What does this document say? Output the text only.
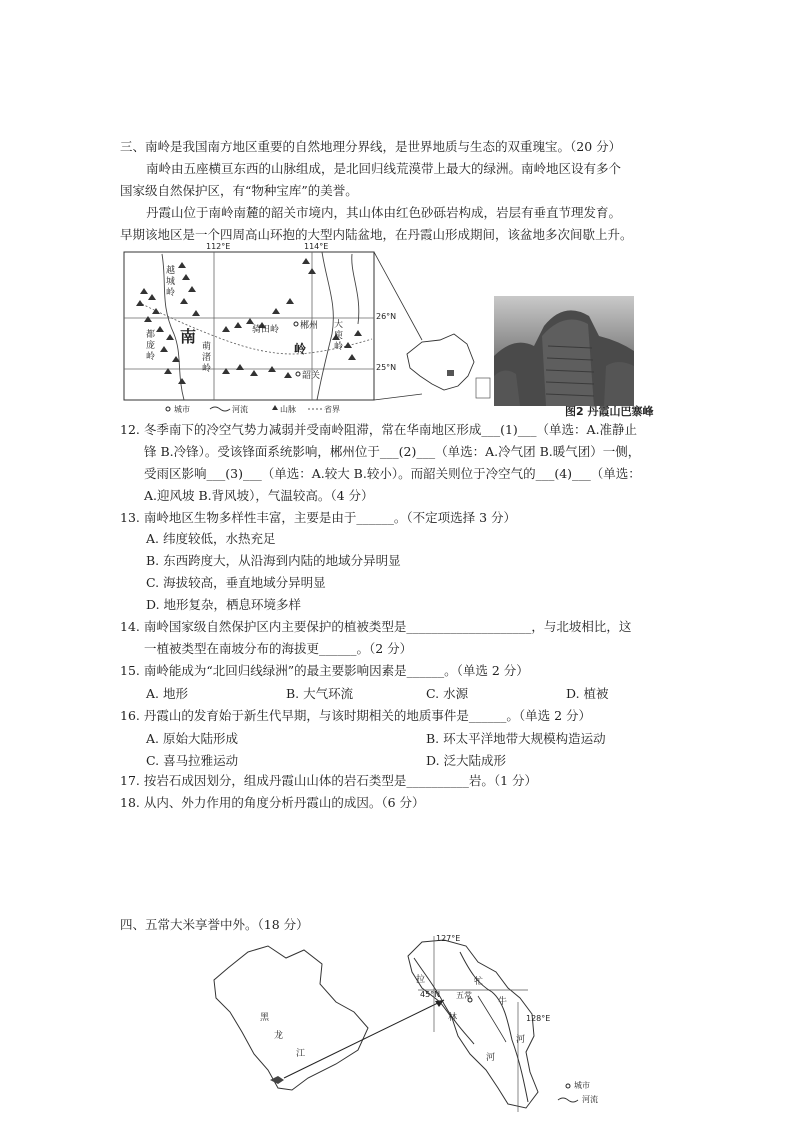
三、南岭是我国南方地区重要的自然地理分界线，是世界地质与生态的双重瑰宝。（20 分）
南岭由五座横亘东西的山脉组成，是北回归线荒漠带上最大的绿洲。南岭地区设有多个
国家级自然保护区，有“物种宝库”的美誉。
丹霞山位于南岭南麓的韶关市境内，其山体由红色砂砾岩构成，岩层有垂直节理发育。
早期该地区是一个四周高山环抱的大型内陆盆地，在丹霞山形成期间，该盆地多次间歇上升。
112°E	114°E
26°N
25°N
越城岭
都庞岭
萌渚岭
骑田岭	大庾岭
南
岭
郴州
韶关
城市	河流	山脉	省界	图2 丹霞山巴寨峰
12. 冬季南下的冷空气势力减弱并受南岭阻滞，常在华南地区形成___(1)___（单选：A.准静止
锋 B.冷锋）。受该锋面系统影响，郴州位于___(2)___（单选：A.冷气团 B.暖气团）一侧，
受雨区影响___(3)___（单选：A.较大 B.较小）。而韶关则位于冷空气的___(4)___（单选：
A.迎风坡 B.背风坡），气温较高。（4 分）
13. 南岭地区生物多样性丰富，主要是由于______。（不定项选择 3 分）
A. 纬度较低，水热充足
B. 东西跨度大，从沿海到内陆的地域分异明显
C. 海拔较高，垂直地域分异明显
D. 地形复杂，栖息环境多样
14. 南岭国家级自然保护区内主要保护的植被类型是____________________，与北坡相比，这
一植被类型在南坡分布的海拔更______。（2 分）
15. 南岭能成为“北回归线绿洲”的最主要影响因素是______。（单选 2 分）
A. 地形	B. 大气环流	C. 水源	D. 植被
16. 丹霞山的发育始于新生代早期，与该时期相关的地质事件是______。（单选 2 分）
A. 原始大陆形成	B. 环太平洋地带大规模构造运动
C. 喜马拉雅运动	D. 泛大陆成形
17. 按岩石成因划分，组成丹霞山山体的岩石类型是__________岩。（1 分）
18. 从内、外力作用的角度分析丹霞山的成因。（6 分）
四、五常大米享誉中外。（18 分）
黑
龙
江
127°E
45°N
128°E
拉
林
河
牤
牛
河
五常
城市
河流
